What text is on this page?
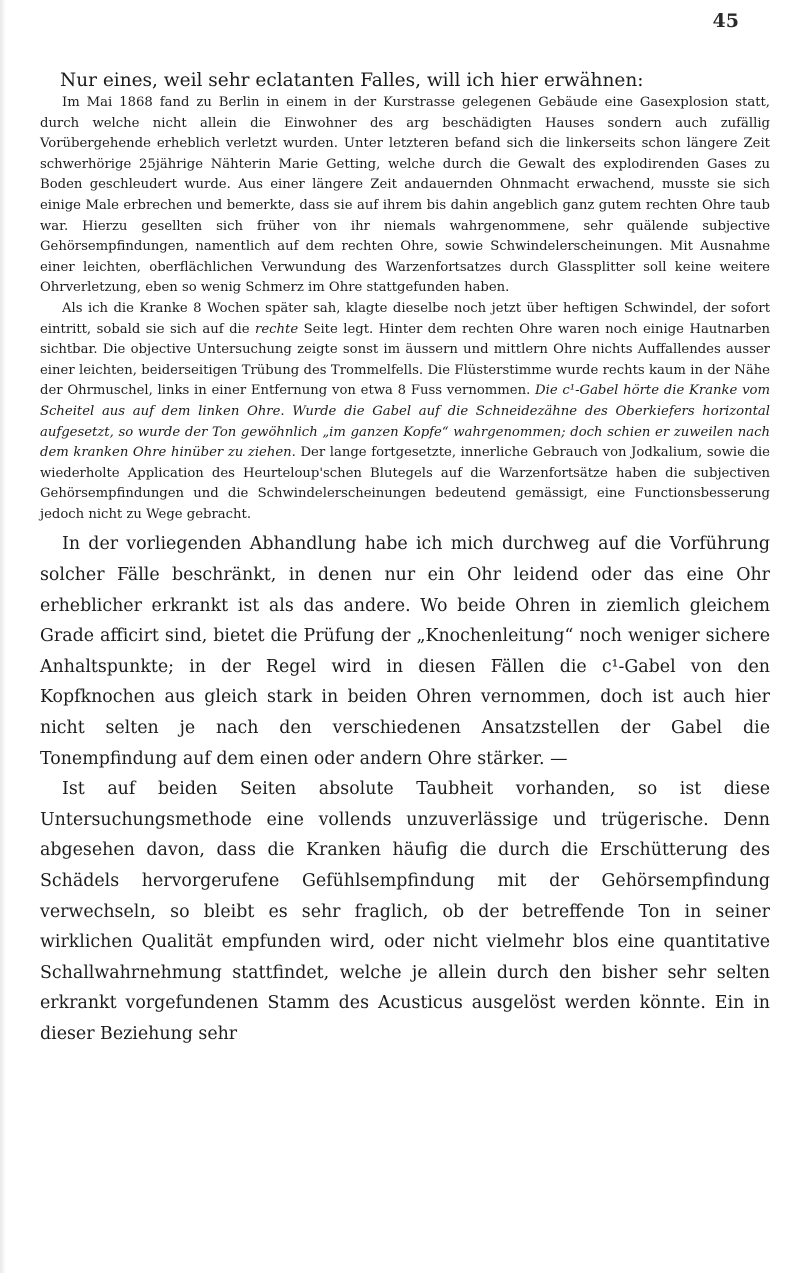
45

Nur eines, weil sehr eclatanten Falles, will ich hier erwähnen:

Im Mai 1868 fand zu Berlin in einem in der Kurstrasse gelegenen Gebäude eine Gasexplosion statt, durch welche nicht allein die Einwohner des arg beschädigten Hauses sondern auch zufällig Vorübergehende erheblich verletzt wurden. Unter letzteren befand sich die linkerseits schon längere Zeit schwerhörige 25jährige Nähterin Marie Getting, welche durch die Gewalt des explodirenden Gases zu Boden geschleudert wurde. Aus einer längere Zeit andauernden Ohnmacht erwachend, musste sie sich einige Male erbrechen und bemerkte, dass sie auf ihrem bis dahin angeblich ganz gutem rechten Ohre taub war. Hierzu gesellten sich früher von ihr niemals wahrgenommene, sehr quälende subjective Gehörsempfindungen, namentlich auf dem rechten Ohre, sowie Schwindelerscheinungen. Mit Ausnahme einer leichten, oberflächlichen Verwundung des Warzenfortsatzes durch Glassplitter soll keine weitere Ohrverletzung, eben so wenig Schmerz im Ohre stattgefunden haben.

Als ich die Kranke 8 Wochen später sah, klagte dieselbe noch jetzt über heftigen Schwindel, der sofort eintritt, sobald sie sich auf die rechte Seite legt. Hinter dem rechten Ohre waren noch einige Hautnarben sichtbar. Die objective Untersuchung zeigte sonst im äussern und mittlern Ohre nichts Auffallendes ausser einer leichten, beiderseitigen Trübung des Trommelfells. Die Flüsterstimme wurde rechts kaum in der Nähe der Ohrmuschel, links in einer Entfernung von etwa 8 Fuss vernommen. Die c¹-Gabel hörte die Kranke vom Scheitel aus auf dem linken Ohre. Wurde die Gabel auf die Schneidezähne des Oberkiefers horizontal aufgesetzt, so wurde der Ton gewöhnlich „im ganzen Kopfe“ wahrgenommen; doch schien er zuweilen nach dem kranken Ohre hinüber zu ziehen. Der lange fortgesetzte, innerliche Gebrauch von Jodkalium, sowie die wiederholte Application des Heurteloup'schen Blutegels auf die Warzenfortsätze haben die subjectiven Gehörsempfindungen und die Schwindelerscheinungen bedeutend gemässigt, eine Functionsbesserung jedoch nicht zu Wege gebracht.

In der vorliegenden Abhandlung habe ich mich durchweg auf die Vorführung solcher Fälle beschränkt, in denen nur ein Ohr leidend oder das eine Ohr erheblicher erkrankt ist als das andere. Wo beide Ohren in ziemlich gleichem Grade afficirt sind, bietet die Prüfung der „Knochenleitung“ noch weniger sichere Anhaltspunkte; in der Regel wird in diesen Fällen die c¹-Gabel von den Kopfknochen aus gleich stark in beiden Ohren vernommen, doch ist auch hier nicht selten je nach den verschiedenen Ansatzstellen der Gabel die Tonempfindung auf dem einen oder andern Ohre stärker. —

Ist auf beiden Seiten absolute Taubheit vorhanden, so ist diese Untersuchungsmethode eine vollends unzuverlässige und trügerische. Denn abgesehen davon, dass die Kranken häufig die durch die Erschütterung des Schädels hervorgerufene Gefühlsempfindung mit der Gehörsempfindung verwechseln, so bleibt es sehr fraglich, ob der betreffende Ton in seiner wirklichen Qualität empfunden wird, oder nicht vielmehr blos eine quantitative Schallwahrnehmung stattfindet, welche je allein durch den bisher sehr selten erkrankt vorgefundenen Stamm des Acusticus ausgelöst werden könnte. Ein in dieser Beziehung sehr
